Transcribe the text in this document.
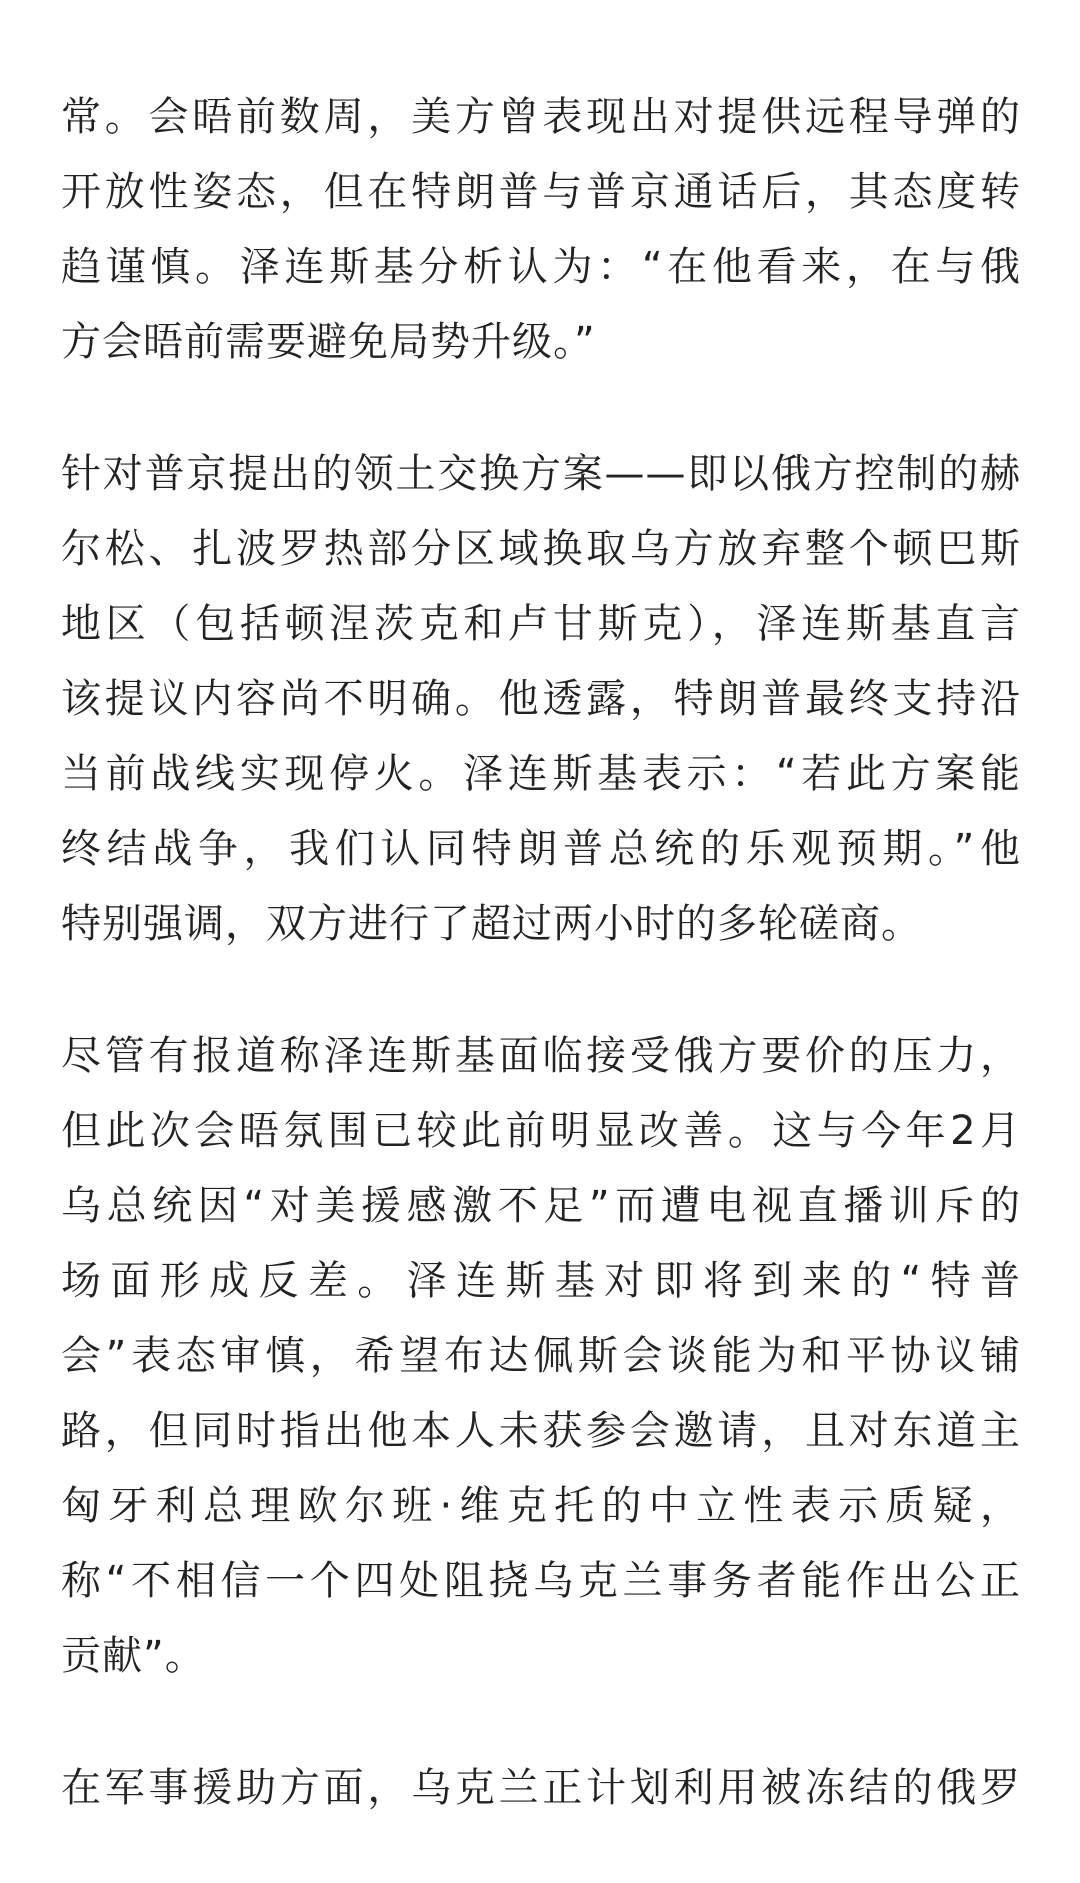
常。会晤前数周，美方曾表现出对提供远程导弹的
开放性姿态，但在特朗普与普京通话后，其态度转
趋谨慎。泽连斯基分析认为：“在他看来，在与俄
方会晤前需要避免局势升级。”

针对普京提出的领土交换方案——即以俄方控制的赫
尔松、扎波罗热部分区域换取乌方放弃整个顿巴斯
地区（包括顿涅茨克和卢甘斯克），泽连斯基直言
该提议内容尚不明确。他透露，特朗普最终支持沿
当前战线实现停火。泽连斯基表示：“若此方案能
终结战争，我们认同特朗普总统的乐观预期。”他
特别强调，双方进行了超过两小时的多轮磋商。

尽管有报道称泽连斯基面临接受俄方要价的压力，
但此次会晤氛围已较此前明显改善。这与今年2月
乌总统因“对美援感激不足”而遭电视直播训斥的
场面形成反差。泽连斯基对即将到来的“特普
会”表态审慎，希望布达佩斯会谈能为和平协议铺
路，但同时指出他本人未获参会邀请，且对东道主
匈牙利总理欧尔班·维克托的中立性表示质疑，
称“不相信一个四处阻挠乌克兰事务者能作出公正
贡献”。

在军事援助方面，乌克兰正计划利用被冻结的俄罗
